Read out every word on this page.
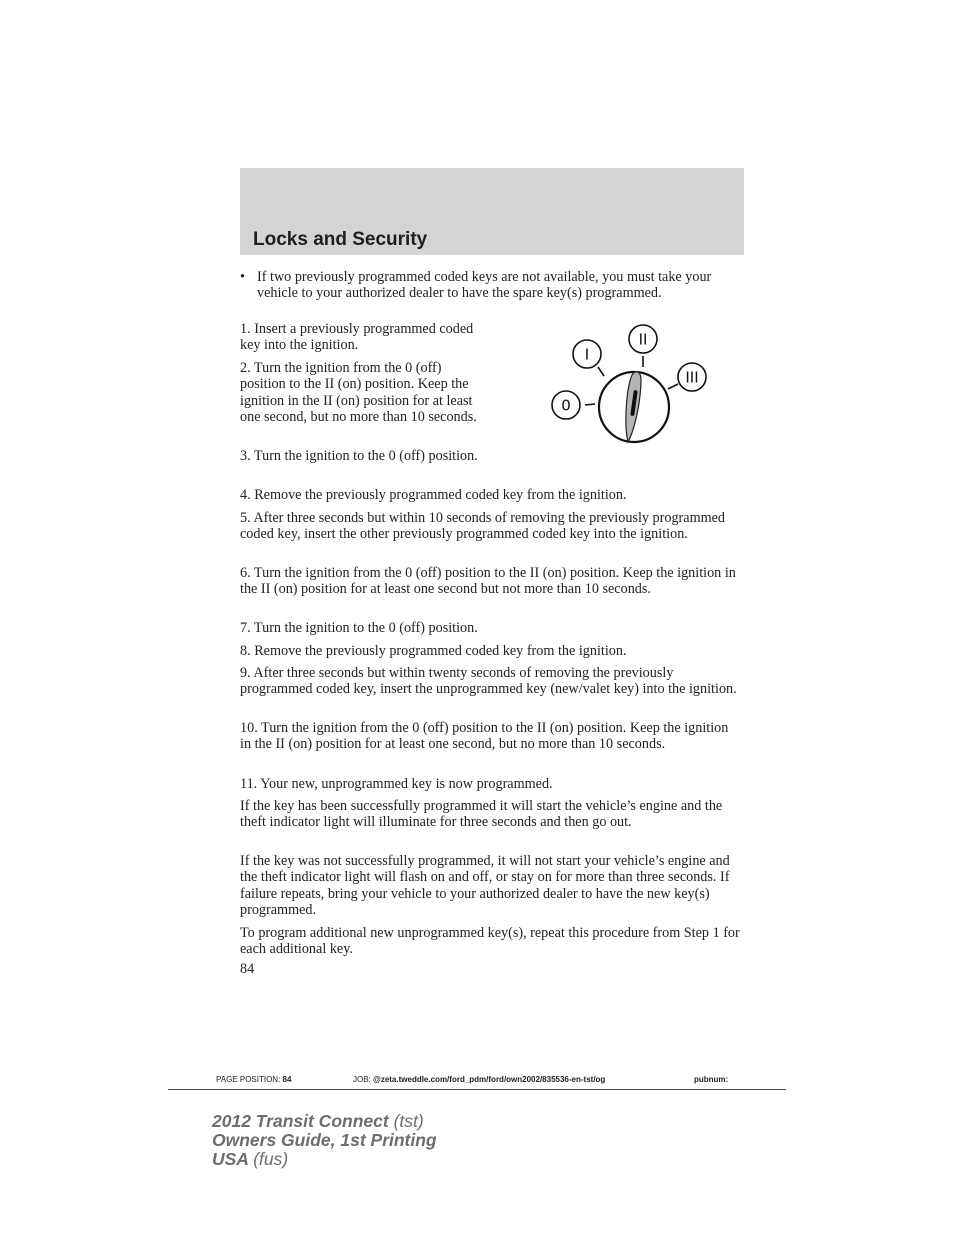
Locks and Security

• If two previously programmed coded keys are not available, you must take your vehicle to your authorized dealer to have the spare key(s) programmed.

1. Insert a previously programmed coded key into the ignition.

2. Turn the ignition from the 0 (off) position to the II (on) position. Keep the ignition in the II (on) position for at least one second, but no more than 10 seconds.

3. Turn the ignition to the 0 (off) position.

0
I
II
III

4. Remove the previously programmed coded key from the ignition.

5. After three seconds but within 10 seconds of removing the previously programmed coded key, insert the other previously programmed coded key into the ignition.

6. Turn the ignition from the 0 (off) position to the II (on) position. Keep the ignition in the II (on) position for at least one second but not more than 10 seconds.

7. Turn the ignition to the 0 (off) position.

8. Remove the previously programmed coded key from the ignition.

9. After three seconds but within twenty seconds of removing the previously programmed coded key, insert the unprogrammed key (new/valet key) into the ignition.

10. Turn the ignition from the 0 (off) position to the II (on) position. Keep the ignition in the II (on) position for at least one second, but no more than 10 seconds.

11. Your new, unprogrammed key is now programmed.

If the key has been successfully programmed it will start the vehicle’s engine and the theft indicator light will illuminate for three seconds and then go out.

If the key was not successfully programmed, it will not start your vehicle’s engine and the theft indicator light will flash on and off, or stay on for more than three seconds. If failure repeats, bring your vehicle to your authorized dealer to have the new key(s) programmed.

To program additional new unprogrammed key(s), repeat this procedure from Step 1 for each additional key.

84

PAGE POSITION: 84	JOB: @zeta.tweddle.com/ford_pdm/ford/own2002/835536-en-tst/og	pubnum:

2012 Transit Connect (tst)
Owners Guide, 1st Printing
USA (fus)
